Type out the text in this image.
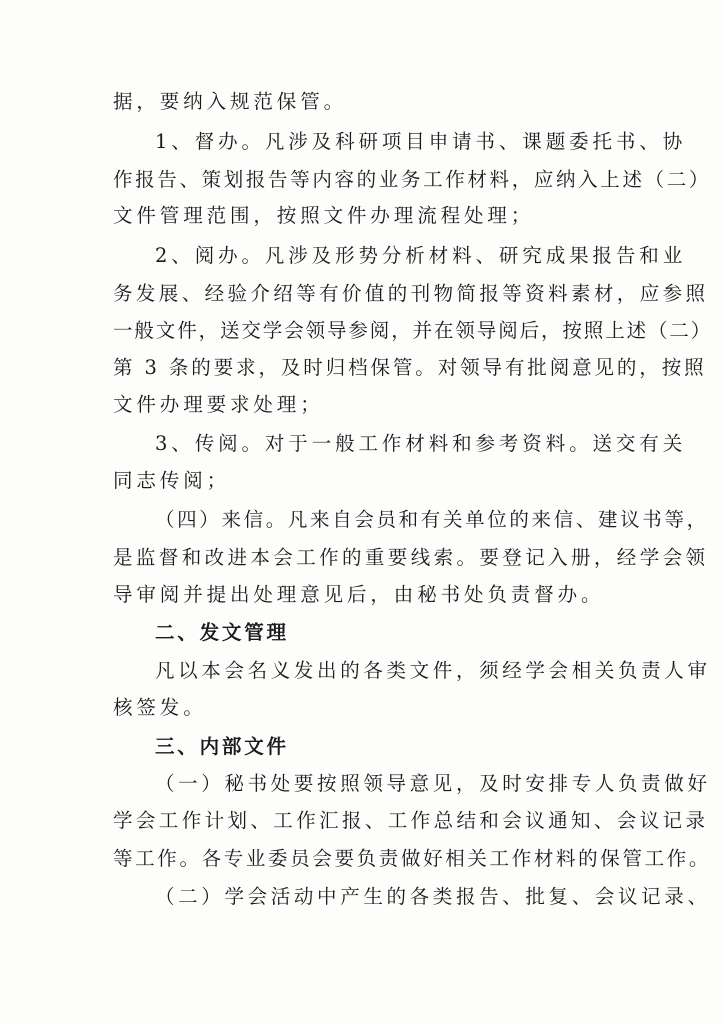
据，要纳入规范保管。
1、督办。凡涉及科研项目申请书、课题委托书、协
作报告、策划报告等内容的业务工作材料，应纳入上述（二）
文件管理范围，按照文件办理流程处理；
2、阅办。凡涉及形势分析材料、研究成果报告和业
务发展、经验介绍等有价值的刊物简报等资料素材，应参照
一般文件，送交学会领导参阅，并在领导阅后，按照上述（二）
第 3 条的要求，及时归档保管。对领导有批阅意见的，按照
文件办理要求处理；
3、传阅。对于一般工作材料和参考资料。送交有关
同志传阅；
（四）来信。凡来自会员和有关单位的来信、建议书等，
是监督和改进本会工作的重要线索。要登记入册，经学会领
导审阅并提出处理意见后，由秘书处负责督办。
二、发文管理
凡以本会名义发出的各类文件，须经学会相关负责人审
核签发。
三、内部文件
（一）秘书处要按照领导意见，及时安排专人负责做好
学会工作计划、工作汇报、工作总结和会议通知、会议记录
等工作。各专业委员会要负责做好相关工作材料的保管工作。
（二）学会活动中产生的各类报告、批复、会议记录、
